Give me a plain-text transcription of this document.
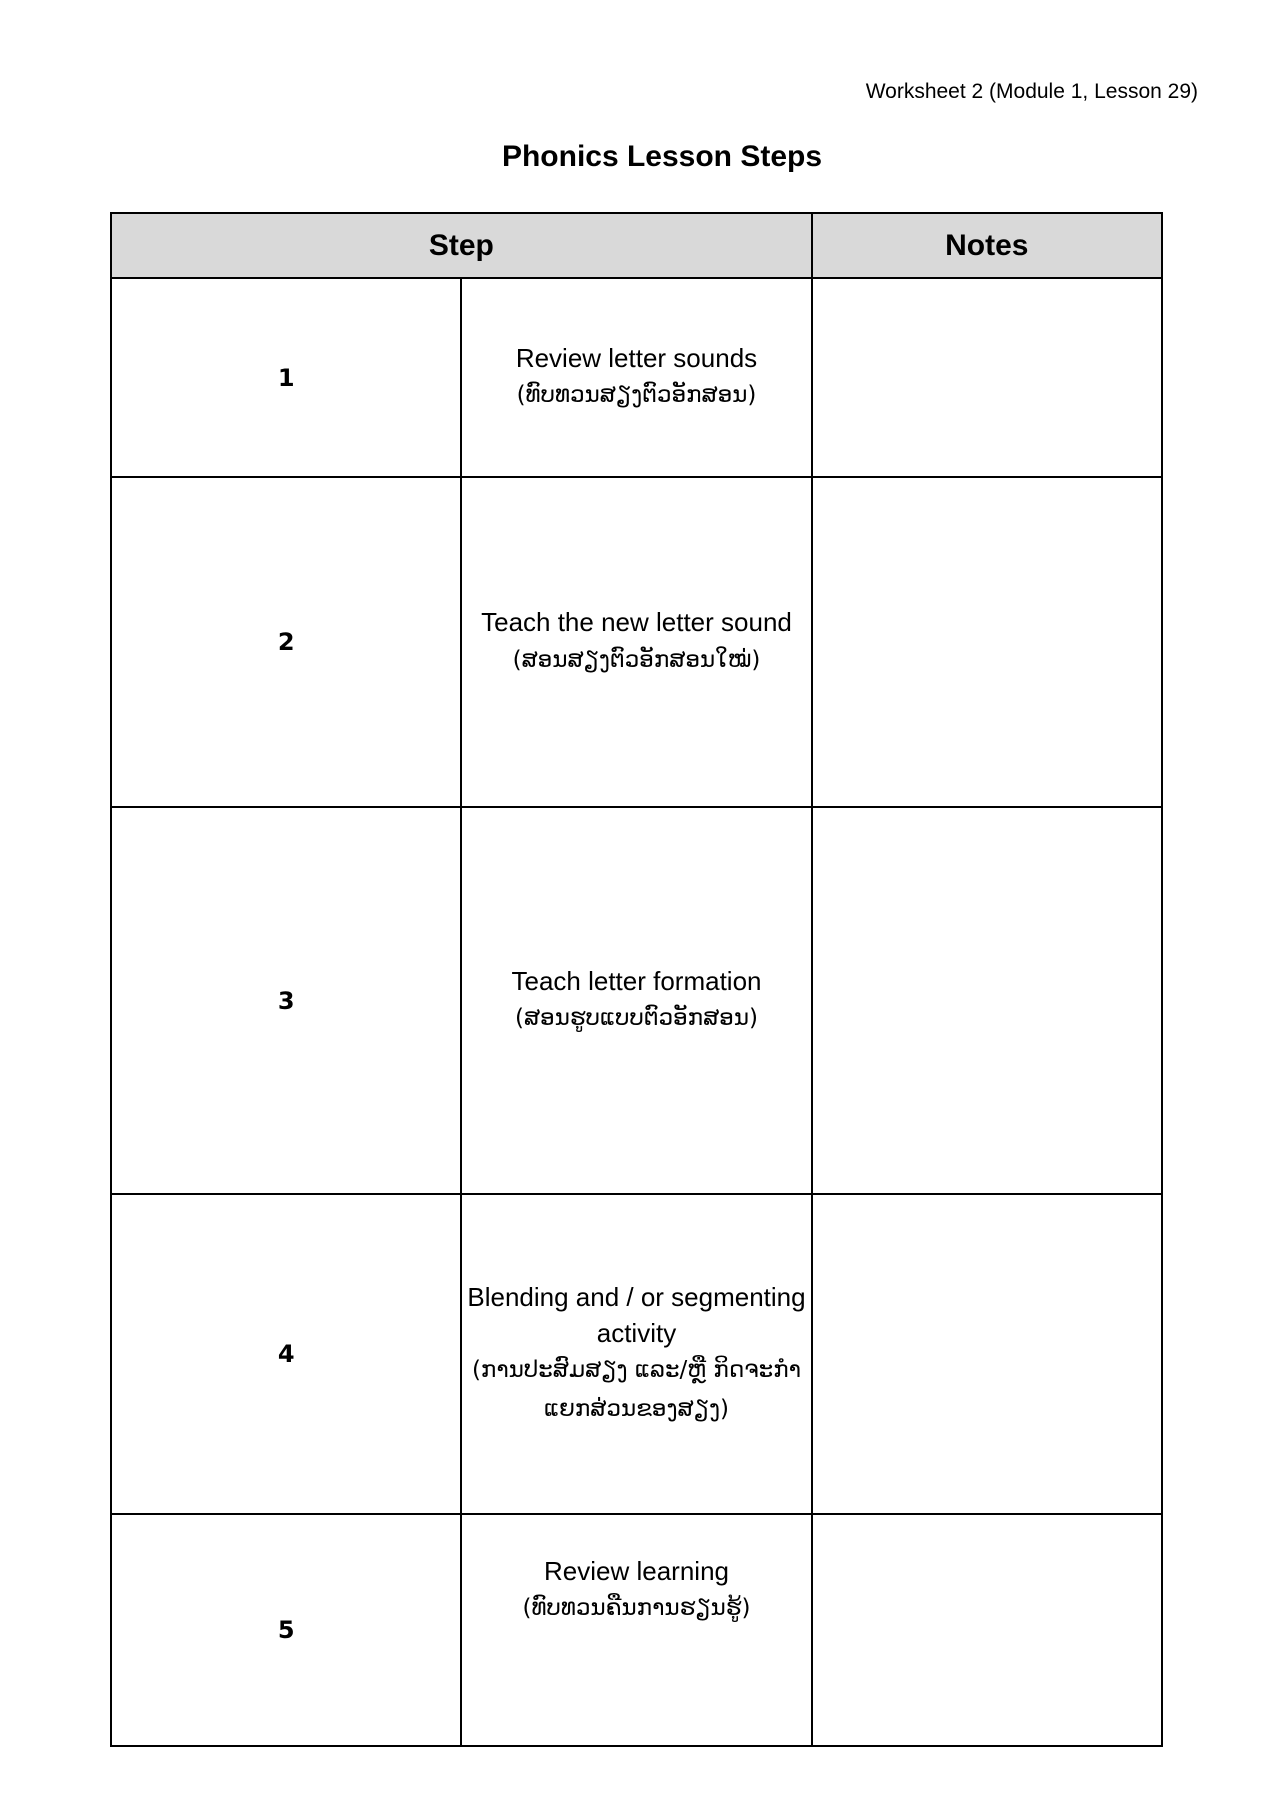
Worksheet 2 (Module 1, Lesson 29)
Phonics Lesson Steps
Step		Notes
1	Review letter sounds
(ທົບທວນສຽງຕົວອັກສອນ)	

2	Teach the new letter sound
(ສອນສຽງຕົວອັກສອນໃໝ່)	

3	Teach letter formation
(ສອນຮູບແບບຕົວອັກສອນ)	

4	Blending and / or segmenting activity
(ການປະສົມສຽງ ແລະ/ຫຼື ກິດຈະກຳແຍກສ່ວນຂອງສຽງ)	

5	Review learning
(ທົບທວນຄືນການຮຽນຮູ້)	
